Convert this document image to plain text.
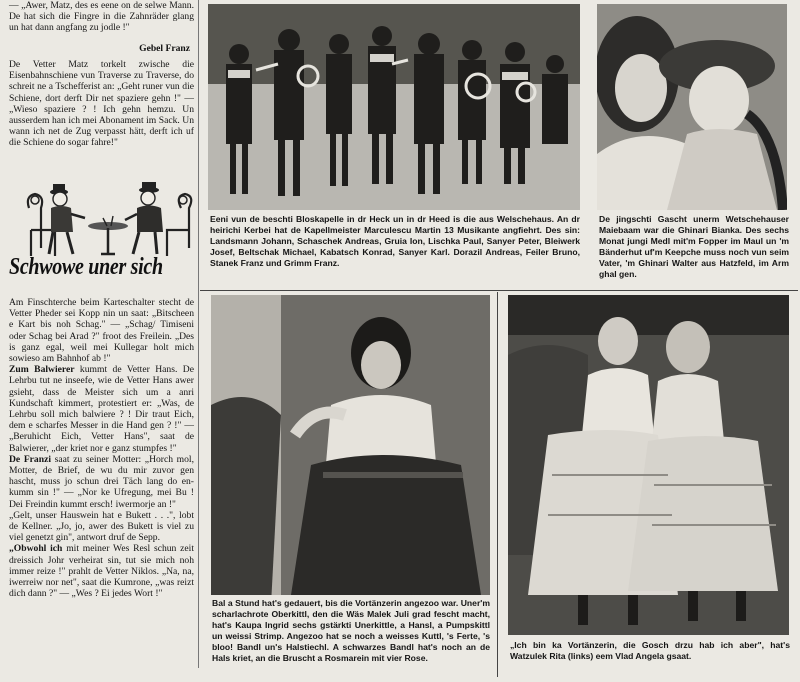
— „Awer, Matz, des es eene on de selwe Mann. De hat sich die Fingre in die Zahnräder glang un hat dann angfang zu jodle !"

Gebel Franz

De Vetter Matz torkelt zwische die Eisenbahnschiene vun Traverse zu Traverse, do schreit ne a Tschefferist an: „Geht runer vun die Schiene, dort derft Dir net spaziere gehn !" — „Wieso spaziere ? ! Ich gehn hemzu. Un ausserdem han ich mei Abonament im Sack. Un wann ich net de Zug verpasst hätt, derft ich uf die Schiene do sogar fahre!"

Schwowe uner sich

Am Finschterche beim Karteschalter stecht de Vetter Pheder sei Kopp nin un saat: „Bitscheen e Kart bis noh Schag." — „Schag/ Timiseni oder Schag bei Arad ?" froot des Freilein. „Des is ganz egal, weil mei Kullegar holt mich sowieso am Bahnhof ab !"

Zum Balwierer kummt de Vetter Hans. De Lehrbu tut ne inseefe, wie de Vetter Hans awer gsieht, dass de Meister sich um a anri Kundschaft kimmert, protestiert er: „Was, de Lehrbu soll mich balwiere ? ! Dir traut Eich, dem e scharfes Messer in die Hand gen ? !" — „Beruhicht Eich, Vetter Hans", saat de Balwierer, „der kriet nor e ganz stumpfes !"

De Franzi saat zu seiner Motter: „Horch mol, Motter, de Brief, de wu du mir zuvor gen hascht, muss jo schun drei Täch lang do en-kumm sin !" — „Nor ke Ufregung, mei Bu ! Dei Freindin kummt ersch! iwermorje an !"

„Gelt, unser Hauswein hat e Bukett . . .", lobt de Kellner. „Jo, jo, awer des Bukett is viel zu viel genetzt gin", antwort druf de Sepp.

„Obwohl ich mit meiner Wes Resl schun zeit dreissich Johr verheirat sin, tut sie mich noh immer reize !" prahlt de Vetter Niklos. „Na, na, iwerreiw nor net", saat die Kumrone, „was reizt dich dann ?" — „Wes ? Ei jedes Wort !"

Eeni vun de beschti Bloskapelle in dr Heck un in dr Heed is die aus Welschehaus. An dr heirichi Kerbei hat de Kapellmeister Marculescu Martin 13 Musikante angfiehrt. Des sin: Landsmann Johann, Schaschek Andreas, Gruia Ion, Lischka Paul, Sanyer Peter, Bleiwerk Josef, Beltschak Michael, Kabatsch Konrad, Sanyer Karl. Dorazil Andreas, Feiler Bruno, Stanek Franz und Grimm Franz.

De jingschti Gascht unerm Wetschehauser Maiebaam war die Ghinari Bianka. Des sechs Monat jungi Medl mit'm Fopper im Maul un 'm Bänderhut uf'm Keepche muss noch vun seim Vater, 'm Ghinari Walter aus Hatzfeld, im Arm ghal gen.

Bal a Stund hat's gedauert, bis die Vortänzerin angezoo war. Uner'm scharlachrote Oberkittl, den die Wäs Malek Juli grad fescht macht, hat's Kaupa Ingrid sechs gstärkti Unerkittle, a Hansl, a Pumpskittl un weissi Strimp. Angezoo hat se noch a weisses Kuttl, 's Ferte, 's bloo! Bandl un's Halstiechl. A schwarzes Bandl hat's noch an de Hals kriet, an die Bruscht a Rosmarein mit vier Rose.

„Ich bin ka Vortänzerin, die Gosch drzu hab ich aber", hat's Watzulek Rita (links) eem Vlad Angela gsaat.
